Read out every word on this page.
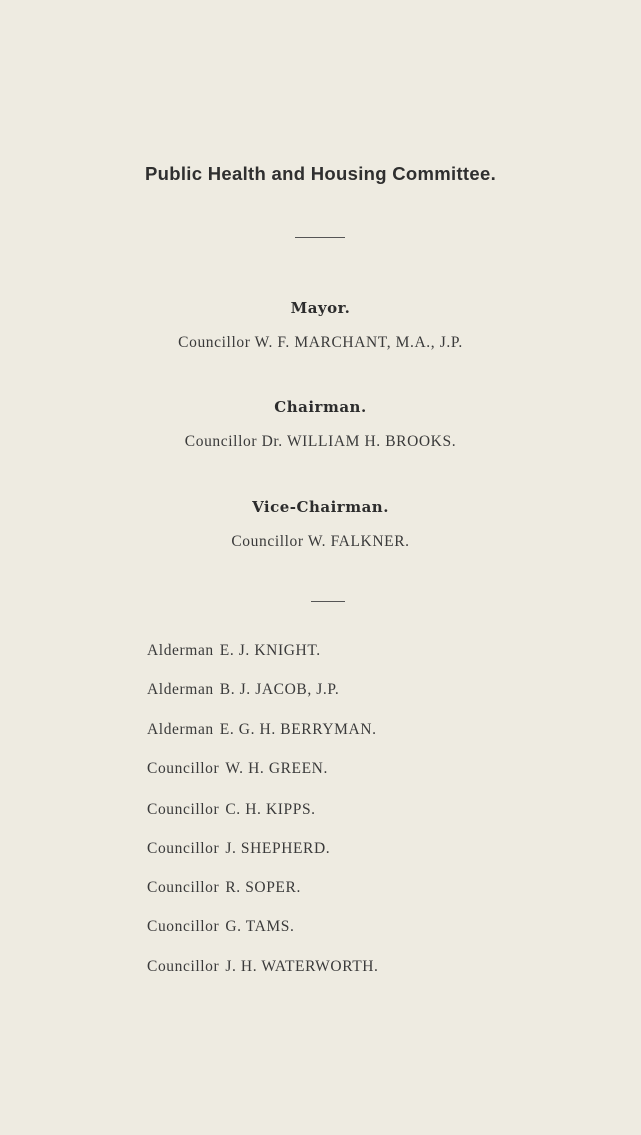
Public Health and Housing Committee.
Mayor.
Councillor W. F. MARCHANT, M.A., J.P.
Chairman.
Councillor Dr. WILLIAM H. BROOKS.
Vice-Chairman.
Councillor W. FALKNER.
Alderman E. J. KNIGHT.
Alderman B. J. JACOB, J.P.
Alderman E. G. H. BERRYMAN.
Councillor W. H. GREEN.
Councillor C. H. KIPPS.
Councillor J. SHEPHERD.
Councillor R. SOPER.
Cuoncillor G. TAMS.
Councillor J. H. WATERWORTH.
